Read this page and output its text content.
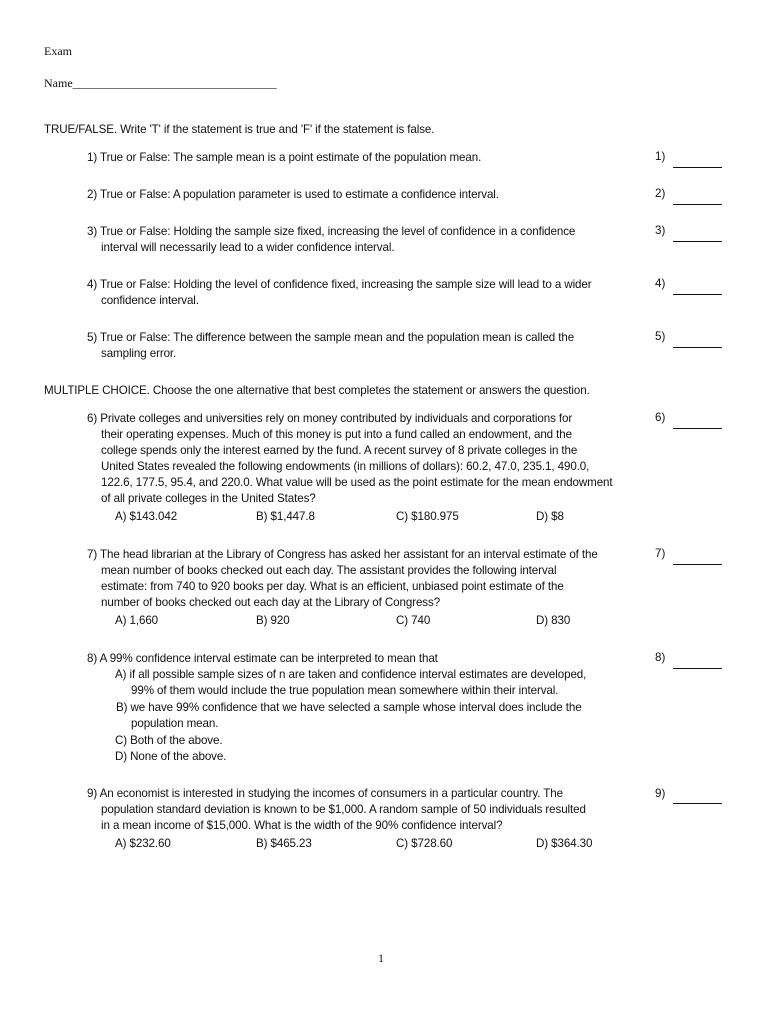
Exam
Name__________________________________
TRUE/FALSE. Write 'T' if the statement is true and 'F' if the statement is false.
1) True or False: The sample mean is a point estimate of the population mean.	1)
2) True or False: A population parameter is used to estimate a confidence interval.	2)
3) True or False: Holding the sample size fixed, increasing the level of confidence in a confidence
interval will necessarily lead to a wider confidence interval.
3)
4) True or False: Holding the level of confidence fixed, increasing the sample size will lead to a wider
confidence interval.
4)
5) True or False: The difference between the sample mean and the population mean is called the
sampling error.
5)
MULTIPLE CHOICE. Choose the one alternative that best completes the statement or answers the question.
6) Private colleges and universities rely on money contributed by individuals and corporations for
their operating expenses. Much of this money is put into a fund called an endowment, and the
college spends only the interest earned by the fund. A recent survey of 8 private colleges in the
United States revealed the following endowments (in millions of dollars): 60.2, 47.0, 235.1, 490.0,
122.6, 177.5, 95.4, and 220.0. What value will be used as the point estimate for the mean endowment
of all private colleges in the United States?
A) $143.042	B) $1,447.8	C) $180.975	D) $8
6)
7) The head librarian at the Library of Congress has asked her assistant for an interval estimate of the
mean number of books checked out each day. The assistant provides the following interval
estimate: from 740 to 920 books per day. What is an efficient, unbiased point estimate of the
number of books checked out each day at the Library of Congress?
A) 1,660	B) 920	C) 740	D) 830
7)
8) A 99% confidence interval estimate can be interpreted to mean that
A) if all possible sample sizes of n are taken and confidence interval estimates are developed,
99% of them would include the true population mean somewhere within their interval.
B) we have 99% confidence that we have selected a sample whose interval does include the
population mean.
C) Both of the above.
D) None of the above.
8)
9) An economist is interested in studying the incomes of consumers in a particular country. The
population standard deviation is known to be $1,000. A random sample of 50 individuals resulted
in a mean income of $15,000. What is the width of the 90% confidence interval?
A) $232.60	B) $465.23	C) $728.60	D) $364.30
9)
1
